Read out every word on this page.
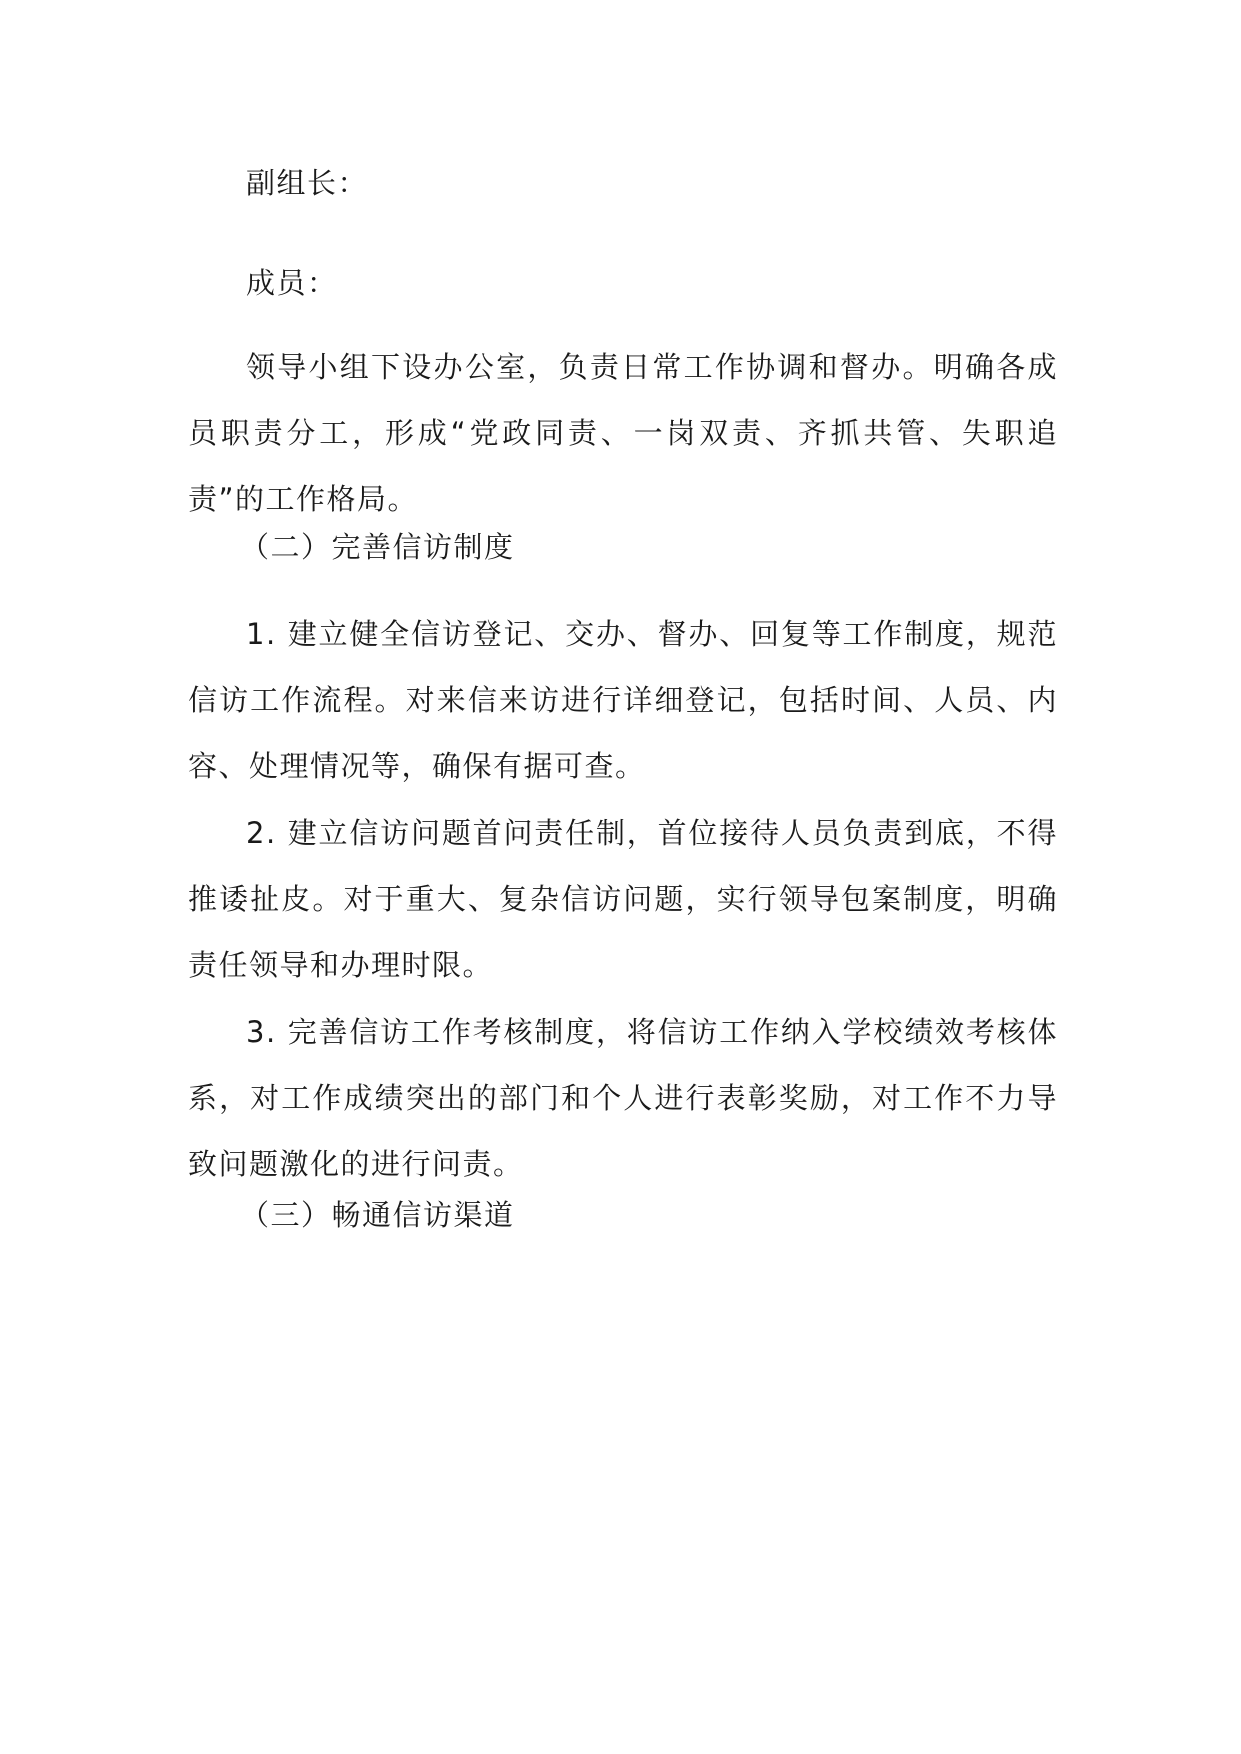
副组长：

成员：

领导小组下设办公室，负责日常工作协调和督办。明确各成员职责分工，形成“党政同责、一岗双责、齐抓共管、失职追责”的工作格局。

（二）完善信访制度

1. 建立健全信访登记、交办、督办、回复等工作制度，规范信访工作流程。对来信来访进行详细登记，包括时间、人员、内容、处理情况等，确保有据可查。

2. 建立信访问题首问责任制，首位接待人员负责到底，不得推诿扯皮。对于重大、复杂信访问题，实行领导包案制度，明确责任领导和办理时限。

3. 完善信访工作考核制度，将信访工作纳入学校绩效考核体系，对工作成绩突出的部门和个人进行表彰奖励，对工作不力导致问题激化的进行问责。

（三）畅通信访渠道
